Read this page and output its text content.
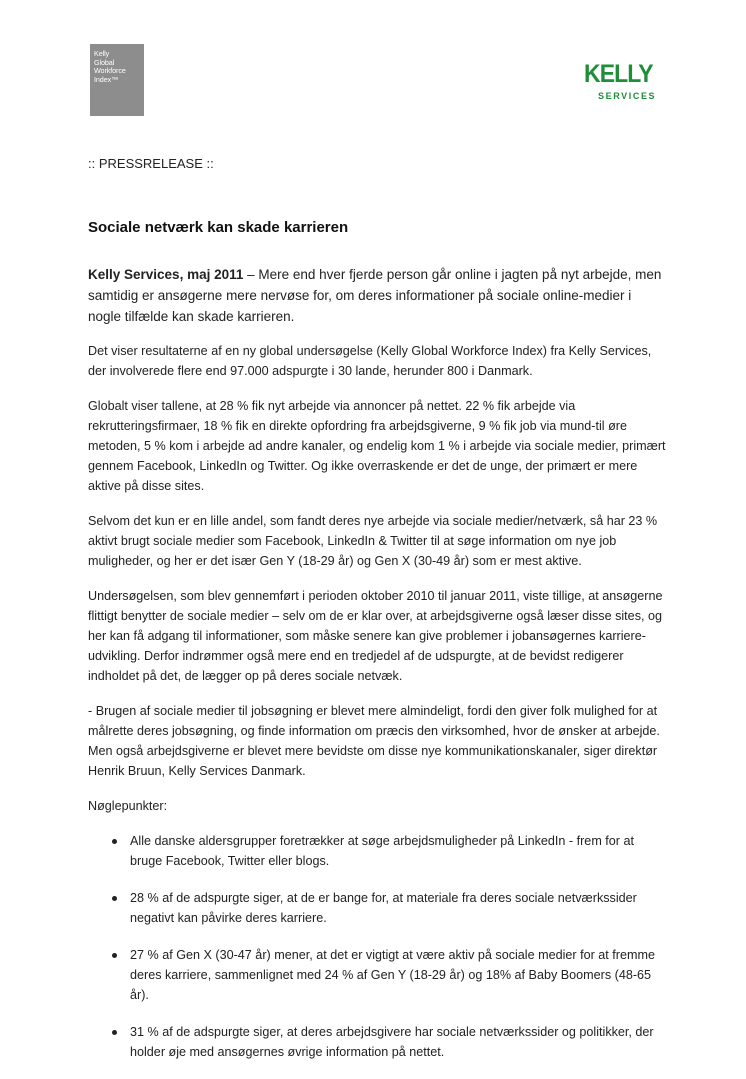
Kelly
Global
Workforce
Index™	KELLY
SERVICES
:: PRESSRELEASE ::
Sociale netværk kan skade karrieren

Kelly Services, maj 2011 – Mere end hver fjerde person går online i jagten på nyt arbejde, men samtidig er ansøgerne mere nervøse for, om deres informationer på sociale online-medier i nogle tilfælde kan skade karrieren.

Det viser resultaterne af en ny global undersøgelse (Kelly Global Workforce Index) fra Kelly Services, der involverede flere end 97.000 adspurgte i 30 lande, herunder 800 i Danmark.

Globalt viser tallene, at 28 % fik nyt arbejde via annoncer på nettet. 22 % fik arbejde via rekrutteringsfirmaer, 18 % fik en direkte opfordring fra arbejdsgiverne, 9 % fik job via mund-til øre metoden, 5 % kom i arbejde ad andre kanaler, og endelig kom 1 % i arbejde via sociale medier, primært gennem Facebook, LinkedIn og Twitter. Og ikke overraskende er det de unge, der primært er mere aktive på disse sites.

Selvom det kun er en lille andel, som fandt deres nye arbejde via sociale medier/netværk, så har 23 % aktivt brugt sociale medier som Facebook, LinkedIn & Twitter til at søge information om nye job muligheder, og her er det især Gen Y (18-29 år) og Gen X (30-49 år) som er mest aktive.

Undersøgelsen, som blev gennemført i perioden oktober 2010 til januar 2011, viste tillige, at ansøgerne flittigt benytter de sociale medier – selv om de er klar over, at arbejdsgiverne også læser disse sites, og her kan få adgang til informationer, som måske senere kan give problemer i jobansøgernes karriere-udvikling. Derfor indrømmer også mere end en tredjedel af de udspurgte, at de bevidst redigerer indholdet på det, de lægger op på deres sociale netvæk.

- Brugen af sociale medier til jobsøgning er blevet mere almindeligt, fordi den giver folk mulighed for at målrette deres jobsøgning, og finde information om præcis den virksomhed, hvor de ønsker at arbejde. Men også arbejdsgiverne er blevet mere bevidste om disse nye kommunikationskanaler, siger direktør Henrik Bruun, Kelly Services Danmark.

Nøglepunkter:

Alle danske aldersgrupper foretrækker at søge arbejdsmuligheder på LinkedIn - frem for at bruge Facebook, Twitter eller blogs.
28 % af de adspurgte siger, at de er bange for, at materiale fra deres sociale netværkssider negativt kan påvirke deres karriere.
27 % af Gen X (30-47 år) mener, at det er vigtigt at være aktiv på sociale medier for at fremme deres karriere, sammenlignet med 24 % af Gen Y (18-29 år) og 18% af Baby Boomers (48-65 år).
31 % af de adspurgte siger, at deres arbejdsgivere har sociale netværkssider og politikker, der holder øje med ansøgernes øvrige information på nettet.
